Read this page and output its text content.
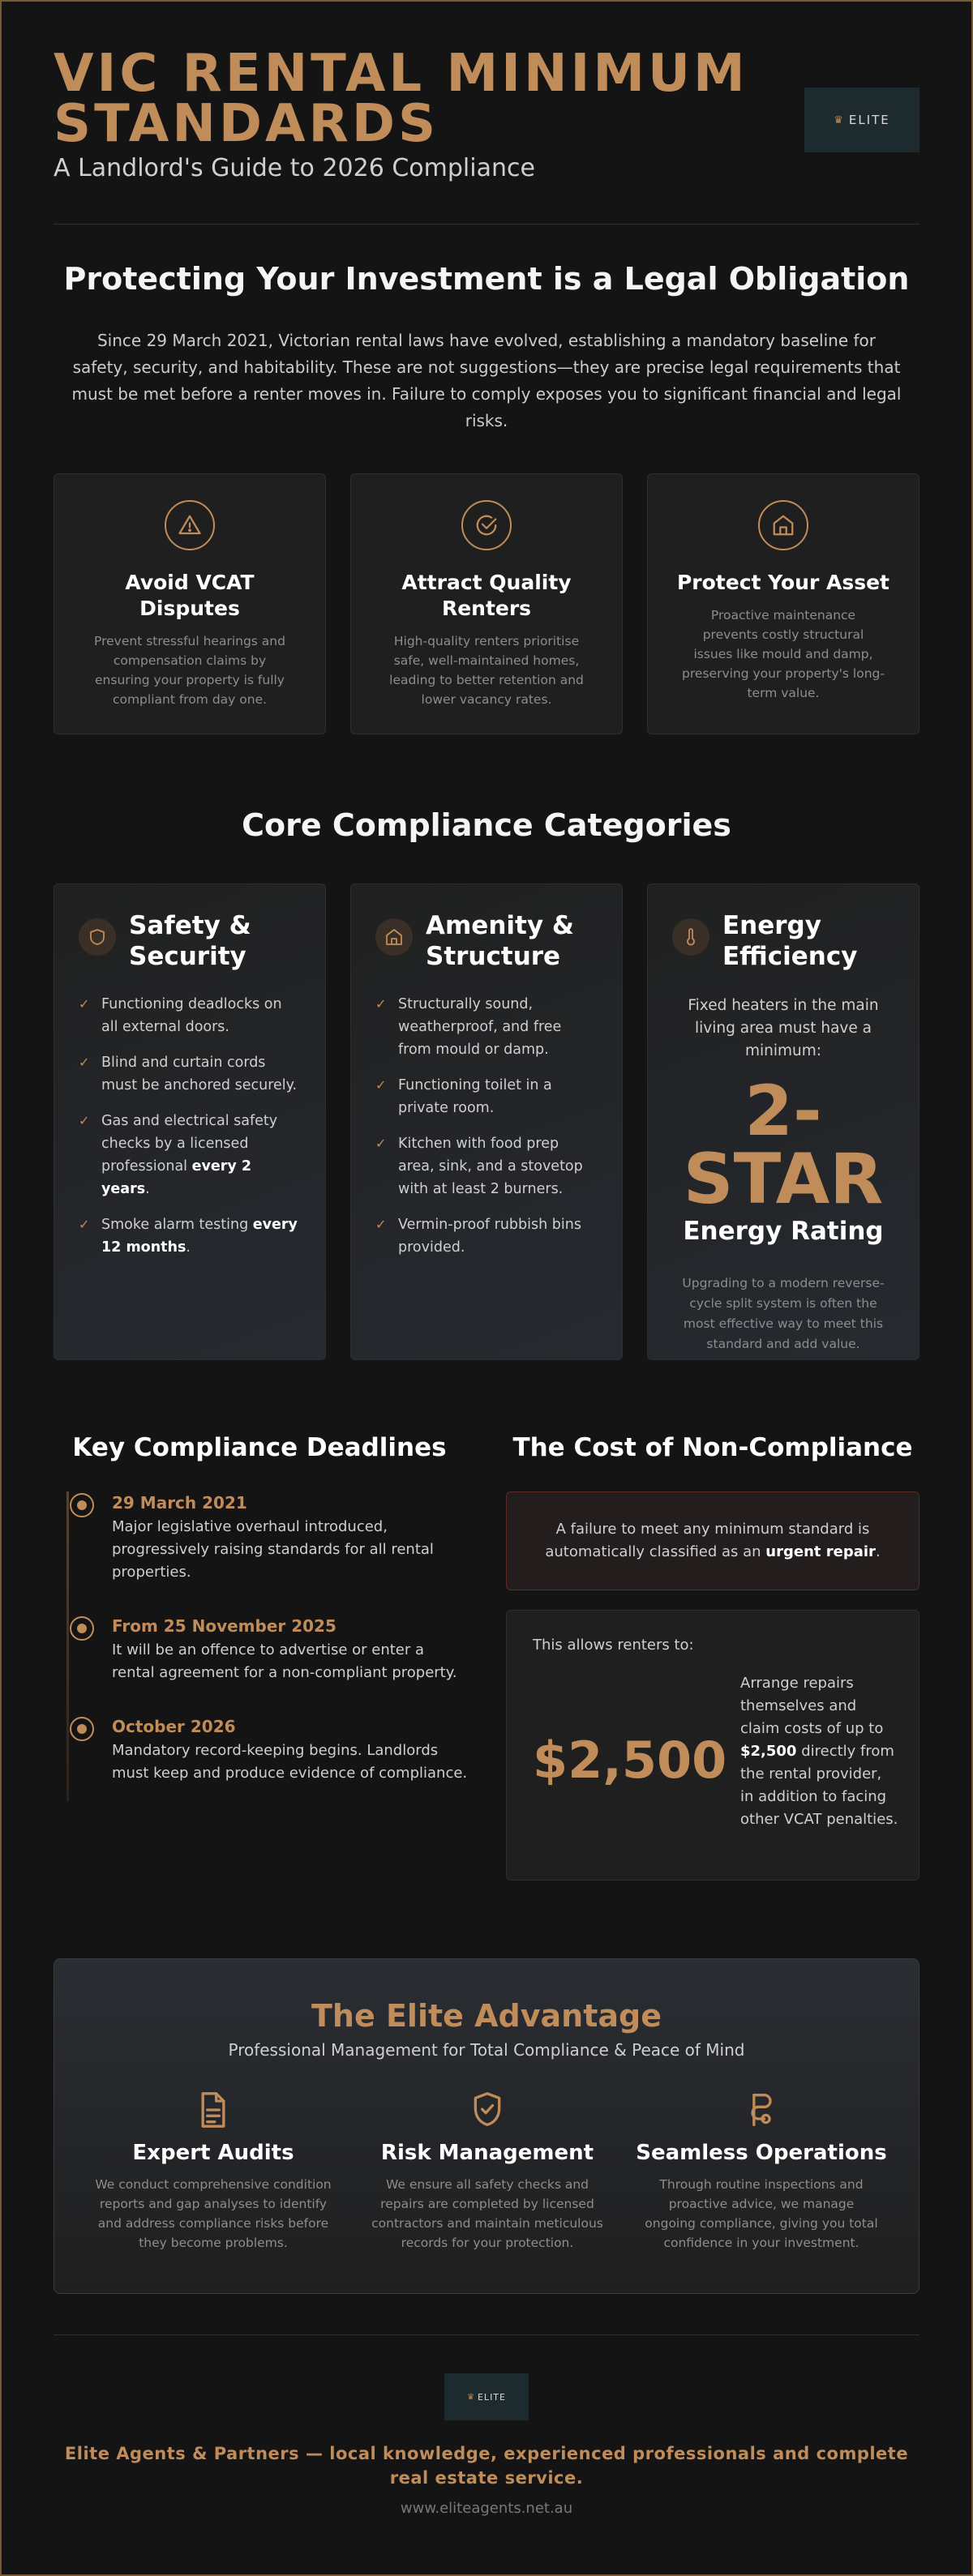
VIC RENTAL MINIMUM STANDARDS
A Landlord's Guide to 2026 Compliance
♛ ELITE
Protecting Your Investment is a Legal Obligation
Since 29 March 2021, Victorian rental laws have evolved, establishing a mandatory baseline for safety, security, and habitability. These are not suggestions—they are precise legal requirements that must be met before a renter moves in. Failure to comply exposes you to significant financial and legal risks.
Avoid VCAT Disputes

Prevent stressful hearings and compensation claims by ensuring your property is fully compliant from day one.

Attract Quality Renters

High-quality renters prioritise safe, well-maintained homes, leading to better retention and lower vacancy rates.

Protect Your Asset

Proactive maintenance prevents costly structural issues like mould and damp, preserving your property's long-term value.

Core Compliance Categories
Safety & Security
✓ Functioning deadlocks on all external doors.
✓ Blind and curtain cords must be anchored securely.
✓ Gas and electrical safety checks by a licensed professional every 2 years.
✓ Smoke alarm testing every 12 months.
Amenity & Structure
✓ Structurally sound, weatherproof, and free from mould or damp.
✓ Functioning toilet in a private room.
✓ Kitchen with food prep area, sink, and a stovetop with at least 2 burners.
✓ Vermin-proof rubbish bins provided.
Energy Efficiency
Fixed heaters in the main living area must have a minimum:
2-STAR
Energy Rating
Upgrading to a modern reverse-cycle split system is often the most effective way to meet this standard and add value.
Key Compliance Deadlines
29 March 2021
Major legislative overhaul introduced, progressively raising standards for all rental properties.
From 25 November 2025
It will be an offence to advertise or enter a rental agreement for a non-compliant property.
October 2026
Mandatory record-keeping begins. Landlords must keep and produce evidence of compliance.
The Cost of Non-Compliance
A failure to meet any minimum standard is automatically classified as an urgent repair.
This allows renters to:
$2,500
Arrange repairs themselves and claim costs of up to $2,500 directly from the rental provider, in addition to facing other VCAT penalties.
The Elite Advantage
Professional Management for Total Compliance & Peace of Mind
Expert Audits

We conduct comprehensive condition reports and gap analyses to identify and address compliance risks before they become problems.

Risk Management

We ensure all safety checks and repairs are completed by licensed contractors and maintain meticulous records for your protection.

Seamless Operations

Through routine inspections and proactive advice, we manage ongoing compliance, giving you total confidence in your investment.

♛ ELITE
Elite Agents & Partners — local knowledge, experienced professionals and complete real estate service.
www.eliteagents.net.au
